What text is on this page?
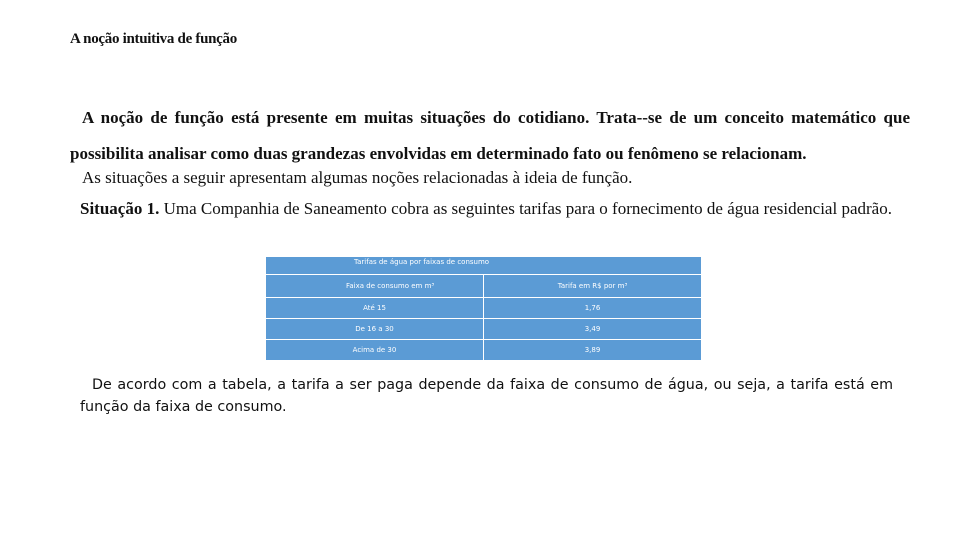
A noção intuitiva de função
A noção de função está presente em muitas situações do cotidiano. Trata--se de um conceito matemático que possibilita analisar como duas grandezas envolvidas em determinado fato ou fenômeno se relacionam.
As situações a seguir apresentam algumas noções relacionadas à ideia de função.
Situação 1. Uma Companhia de Saneamento cobra as seguintes tarifas para o fornecimento de água residencial padrão.
Tarifas de água por faixas de consumo	
Faixa de consumo em m³	Tarifa em R$ por m³
Até 15	1,76
De 16 a 30	3,49
Acima de 30	3,89
De acordo com a tabela, a tarifa a ser paga depende da faixa de consumo de água, ou seja, a tarifa está em função da faixa de consumo.
